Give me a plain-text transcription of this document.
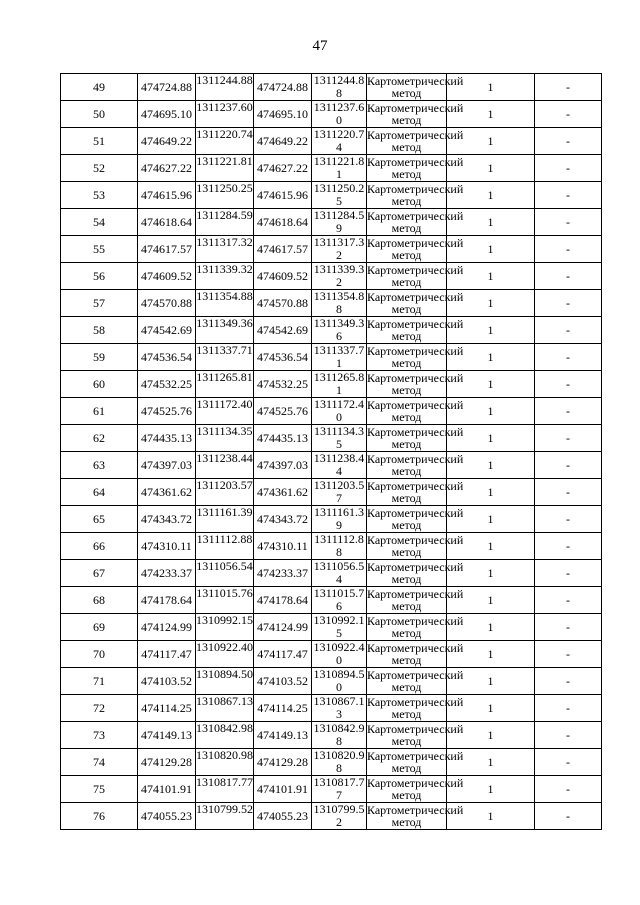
47
49	474724.88	1311244.88	474724.88	1311244.88	Картометрический метод	1	-
50	474695.10	1311237.60	474695.10	1311237.60	Картометрический метод	1	-
51	474649.22	1311220.74	474649.22	1311220.74	Картометрический метод	1	-
52	474627.22	1311221.81	474627.22	1311221.81	Картометрический метод	1	-
53	474615.96	1311250.25	474615.96	1311250.25	Картометрический метод	1	-
54	474618.64	1311284.59	474618.64	1311284.59	Картометрический метод	1	-
55	474617.57	1311317.32	474617.57	1311317.32	Картометрический метод	1	-
56	474609.52	1311339.32	474609.52	1311339.32	Картометрический метод	1	-
57	474570.88	1311354.88	474570.88	1311354.88	Картометрический метод	1	-
58	474542.69	1311349.36	474542.69	1311349.36	Картометрический метод	1	-
59	474536.54	1311337.71	474536.54	1311337.71	Картометрический метод	1	-
60	474532.25	1311265.81	474532.25	1311265.81	Картометрический метод	1	-
61	474525.76	1311172.40	474525.76	1311172.40	Картометрический метод	1	-
62	474435.13	1311134.35	474435.13	1311134.35	Картометрический метод	1	-
63	474397.03	1311238.44	474397.03	1311238.44	Картометрический метод	1	-
64	474361.62	1311203.57	474361.62	1311203.57	Картометрический метод	1	-
65	474343.72	1311161.39	474343.72	1311161.39	Картометрический метод	1	-
66	474310.11	1311112.88	474310.11	1311112.88	Картометрический метод	1	-
67	474233.37	1311056.54	474233.37	1311056.54	Картометрический метод	1	-
68	474178.64	1311015.76	474178.64	1311015.76	Картометрический метод	1	-
69	474124.99	1310992.15	474124.99	1310992.15	Картометрический метод	1	-
70	474117.47	1310922.40	474117.47	1310922.40	Картометрический метод	1	-
71	474103.52	1310894.50	474103.52	1310894.50	Картометрический метод	1	-
72	474114.25	1310867.13	474114.25	1310867.13	Картометрический метод	1	-
73	474149.13	1310842.98	474149.13	1310842.98	Картометрический метод	1	-
74	474129.28	1310820.98	474129.28	1310820.98	Картометрический метод	1	-
75	474101.91	1310817.77	474101.91	1310817.77	Картометрический метод	1	-
76	474055.23	1310799.52	474055.23	1310799.52	Картометрический метод	1	-
